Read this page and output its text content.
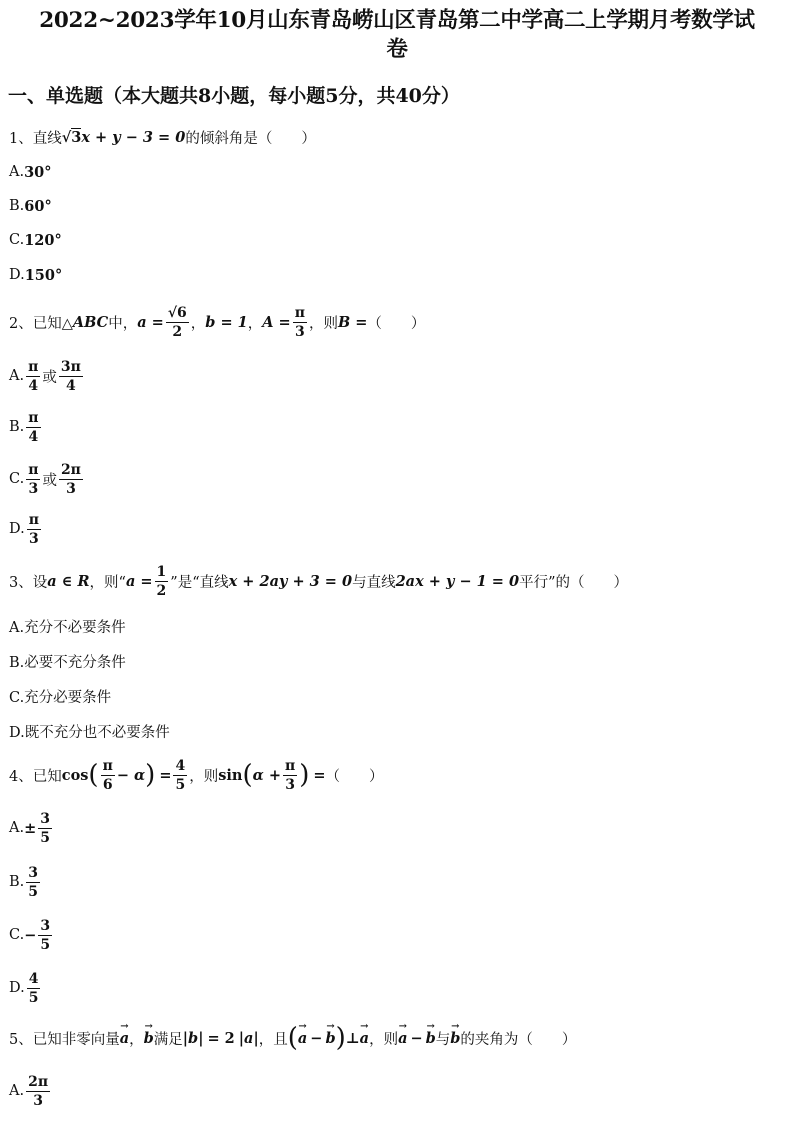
2022~2023学年10月山东青岛崂山区青岛第二中学高二上学期月考数学试
卷
一、单选题（本大题共8小题，每小题5分，共40分）
1、直线 √ 3 x + y − 3 = 0 的倾斜角是（　　）
A. 30°
B. 60°
C. 120°
D. 150°
2、已知△ ABC 中， $a = \frac{√6}{2}$ ， b = 1 ， $A = \frac{\pi}{3}$ ，则 B = （　　）
A. $\frac{\pi}{4}$ 或 $\frac{3\pi}{4}$
B. $\frac{\pi}{4}$
C. $\frac{\pi}{3}$ 或 $\frac{2\pi}{3}$
D. $\frac{\pi}{3}$
3、设 a ∈ R ，则“ $a = \frac{1}{2}$ ”是“直线 x + 2ay + 3 = 0 与直线 2ax + y − 1 = 0 平行”的（　　）
A.充分不必要条件
B.必要不充分条件
C.充分必要条件
D.既不充分也不必要条件
4、已知 cos ( $\frac{\pi}{6} - \alpha$ ) = $\frac{4}{5}$ ，则 sin ( $\alpha + \frac{\pi}{3}$ ) = （　　）
A. ± $\frac{3}{5}$
B. $\frac{3}{5}$
C. − $\frac{3}{5}$
D. $\frac{4}{5}$
5、已知非零向量 → a ， → b 满足 |b| = 2 |a| ，且 ( → a − → b ) ⊥ → a ，则 → a − → b 与 → b 的夹角为（　　）
A. $\frac{2\pi}{3}$
